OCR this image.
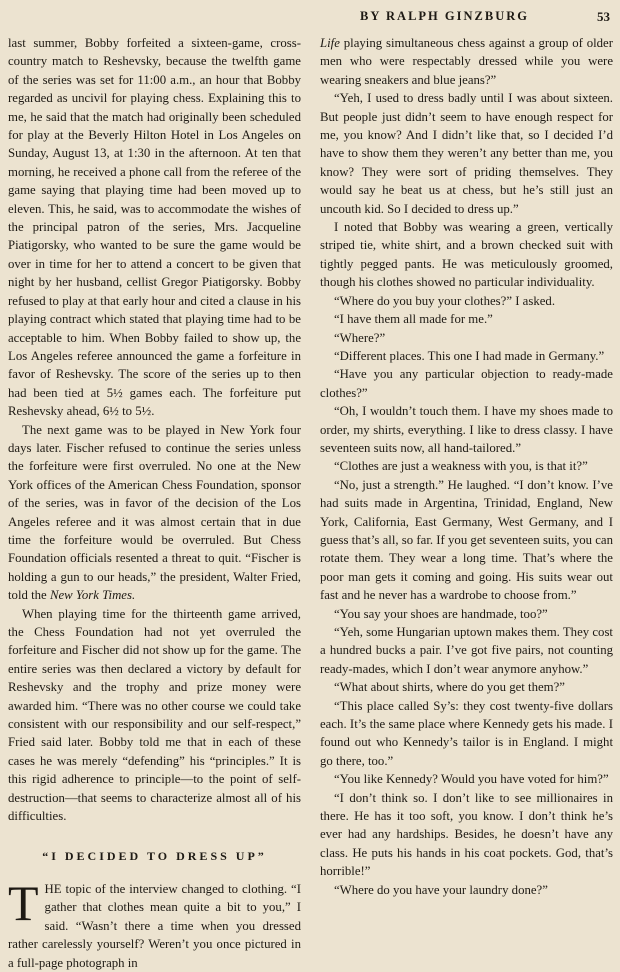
BY RALPH GINZBURG	53

last summer, Bobby forfeited a sixteen-game, cross-country match to Reshevsky, because the twelfth game of the series was set for 11:00 a.m., an hour that Bobby regarded as uncivil for playing chess. Explaining this to me, he said that the match had originally been scheduled for play at the Beverly Hilton Hotel in Los Angeles on Sunday, August 13, at 1:30 in the afternoon. At ten that morning, he received a phone call from the referee of the game saying that playing time had been moved up to eleven. This, he said, was to accommodate the wishes of the principal patron of the series, Mrs. Jacqueline Piatigorsky, who wanted to be sure the game would be over in time for her to attend a concert to be given that night by her husband, cellist Gregor Piatigorsky. Bobby refused to play at that early hour and cited a clause in his playing contract which stated that playing time had to be acceptable to him. When Bobby failed to show up, the Los Angeles referee announced the game a forfeiture in favor of Reshevsky. The score of the series up to then had been tied at 5½ games each. The forfeiture put Reshevsky ahead, 6½ to 5½.

The next game was to be played in New York four days later. Fischer refused to continue the series unless the forfeiture were first overruled. No one at the New York offices of the American Chess Foundation, sponsor of the series, was in favor of the decision of the Los Angeles referee and it was almost certain that in due time the forfeiture would be overruled. But Chess Foundation officials resented a threat to quit. “Fischer is holding a gun to our heads,” the president, Walter Fried, told the New York Times.

When playing time for the thirteenth game arrived, the Chess Foundation had not yet overruled the forfeiture and Fischer did not show up for the game. The entire series was then declared a victory by default for Reshevsky and the trophy and prize money were awarded him. “There was no other course we could take consistent with our responsibility and our self-respect,” Fried said later. Bobby told me that in each of these cases he was merely “defending” his “principles.” It is this rigid adherence to principle—to the point of self-destruction—that seems to characterize almost all of his difficulties.

“I DECIDED TO DRESS UP”

THE topic of the interview changed to clothing. “I gather that clothes mean quite a bit to you,” I said. “Wasn’t there a time when you dressed rather carelessly yourself? Weren’t you once pictured in a full-page photograph in

Life playing simultaneous chess against a group of older men who were respectably dressed while you were wearing sneakers and blue jeans?”

“Yeh, I used to dress badly until I was about sixteen. But people just didn’t seem to have enough respect for me, you know? And I didn’t like that, so I decided I’d have to show them they weren’t any better than me, you know? They were sort of priding themselves. They would say he beat us at chess, but he’s still just an uncouth kid. So I decided to dress up.”

I noted that Bobby was wearing a green, vertically striped tie, white shirt, and a brown checked suit with tightly pegged pants. He was meticulously groomed, though his clothes showed no particular individuality.

“Where do you buy your clothes?” I asked.

“I have them all made for me.”

“Where?”

“Different places. This one I had made in Germany.”

“Have you any particular objection to ready-made clothes?”

“Oh, I wouldn’t touch them. I have my shoes made to order, my shirts, everything. I like to dress classy. I have seventeen suits now, all hand-tailored.”

“Clothes are just a weakness with you, is that it?”

“No, just a strength.” He laughed. “I don’t know. I’ve had suits made in Argentina, Trinidad, England, New York, California, East Germany, West Germany, and I guess that’s all, so far. If you get seventeen suits, you can rotate them. They wear a long time. That’s where the poor man gets it coming and going. His suits wear out fast and he never has a wardrobe to choose from.”

“You say your shoes are handmade, too?”

“Yeh, some Hungarian uptown makes them. They cost a hundred bucks a pair. I’ve got five pairs, not counting ready-mades, which I don’t wear anymore anyhow.”

“What about shirts, where do you get them?”

“This place called Sy’s: they cost twenty-five dollars each. It’s the same place where Kennedy gets his made. I found out who Kennedy’s tailor is in England. I might go there, too.”

“You like Kennedy? Would you have voted for him?”

“I don’t think so. I don’t like to see millionaires in there. He has it too soft, you know. I don’t think he’s ever had any hardships. Besides, he doesn’t have any class. He puts his hands in his coat pockets. God, that’s horrible!”

“Where do you have your laundry done?”
